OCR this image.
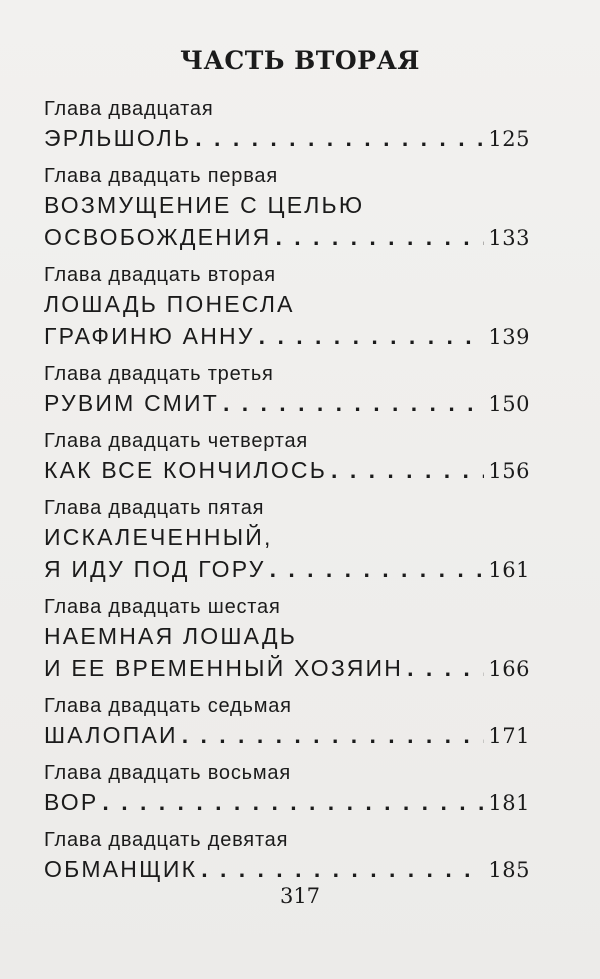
ЧАСТЬ ВТОРАЯ
Глава двадцатая
ЭРЛЬШОЛЬ . . .	125
Глава двадцать первая
ВОЗМУЩЕНИЕ С ЦЕЛЬЮ
ОСВОБОЖДЕНИЯ . . .	133
Глава двадцать вторая
ЛОШАДЬ ПОНЕСЛА
ГРАФИНЮ АННУ . . .	139
Глава двадцать третья
РУВИМ СМИТ . . .	150
Глава двадцать четвертая
КАК ВСЕ КОНЧИЛОСЬ . . .	156
Глава двадцать пятая
ИСКАЛЕЧЕННЫЙ,
Я ИДУ ПОД ГОРУ . . .	161
Глава двадцать шестая
НАЕМНАЯ ЛОШАДЬ
И ЕЕ ВРЕМЕННЫЙ ХОЗЯИН . . .	166
Глава двадцать седьмая
ШАЛОПАИ . . .	171
Глава двадцать восьмая
ВОР . . .	181
Глава двадцать девятая
ОБМАНЩИК . . .	185
317
